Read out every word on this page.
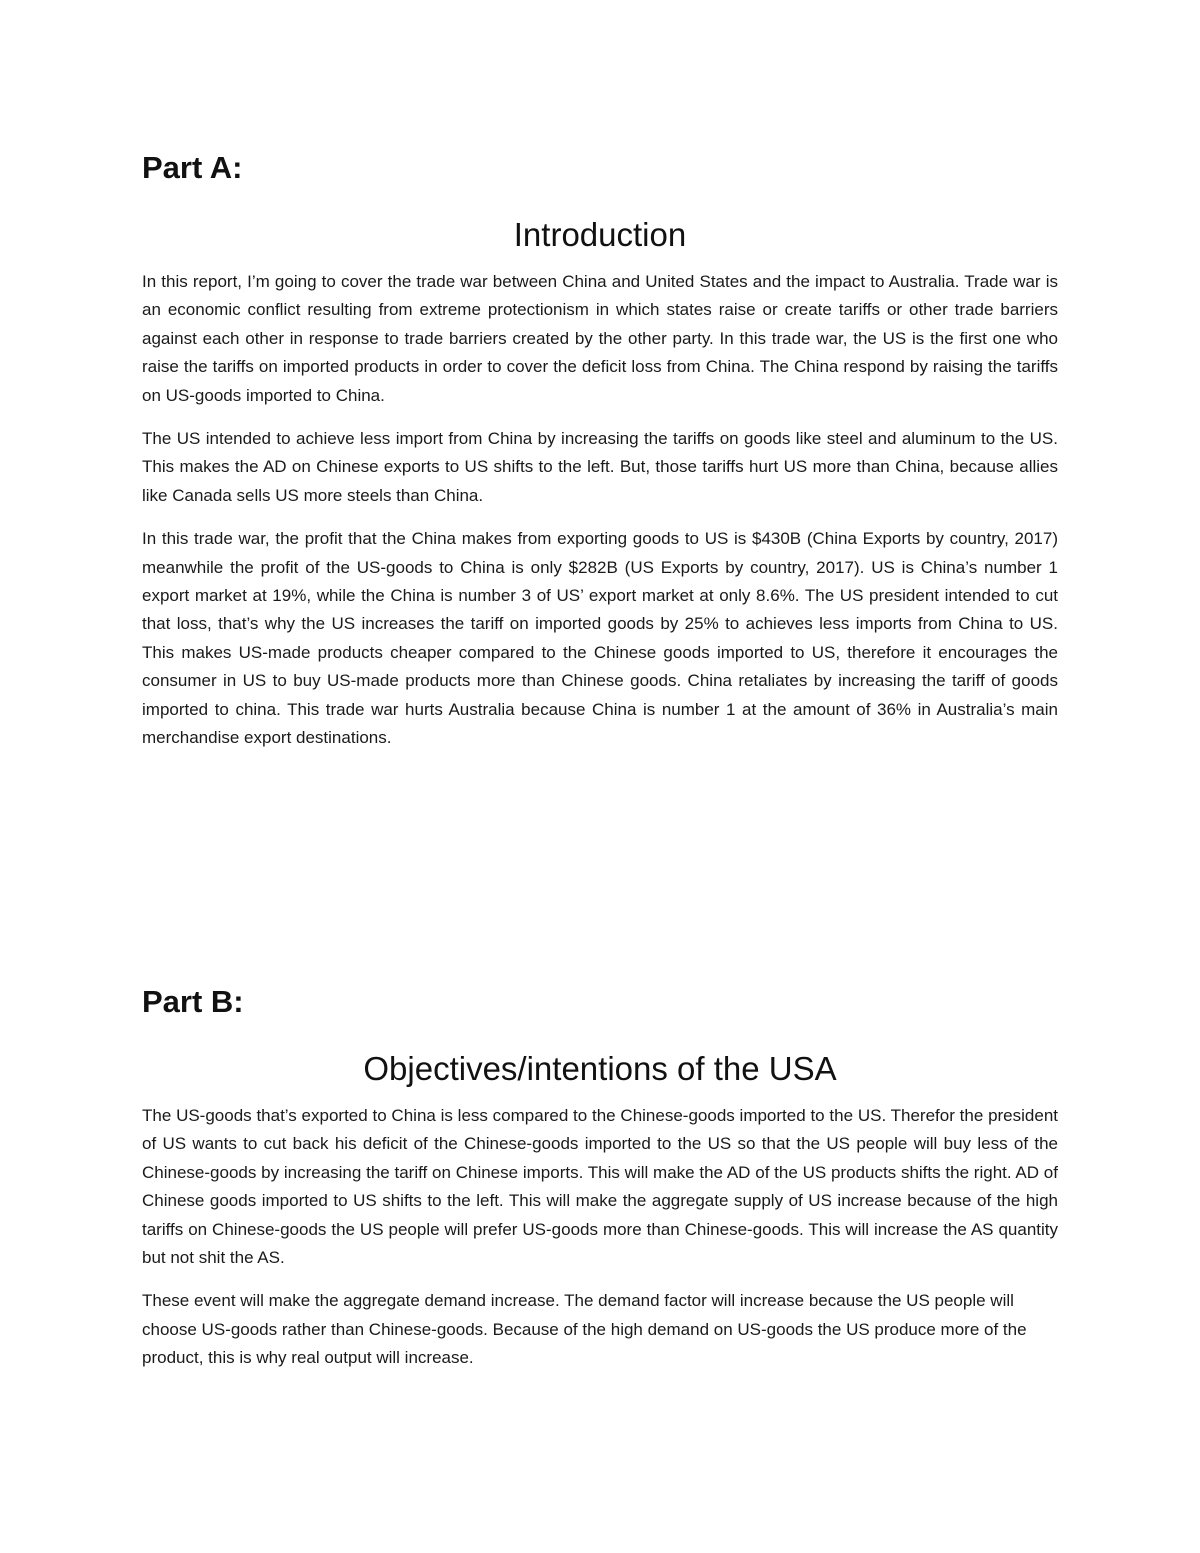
Part A:
Introduction

In this report, I’m going to cover the trade war between China and United States and the impact to Australia. Trade war is an economic conflict resulting from extreme protectionism in which states raise or create tariffs or other trade barriers against each other in response to trade barriers created by the other party. In this trade war, the US is the first one who raise the tariffs on imported products in order to cover the deficit loss from China. The China respond by raising the tariffs on US-goods imported to China.

The US intended to achieve less import from China by increasing the tariffs on goods like steel and aluminum to the US. This makes the AD on Chinese exports to US shifts to the left. But, those tariffs hurt US more than China, because allies like Canada sells US more steels than China.

In this trade war, the profit that the China makes from exporting goods to US is $430B (China Exports by country, 2017) meanwhile the profit of the US-goods to China is only $282B (US Exports by country, 2017). US is China’s number 1 export market at 19%, while the China is number 3 of US’ export market at only 8.6%. The US president intended to cut that loss, that’s why the US increases the tariff on imported goods by 25% to achieves less imports from China to US. This makes US-made products cheaper compared to the Chinese goods imported to US, therefore it encourages the consumer in US to buy US-made products more than Chinese goods. China retaliates by increasing the tariff of goods imported to china. This trade war hurts Australia because China is number 1 at the amount of 36% in Australia’s main merchandise export destinations.

Part B:
Objectives/intentions of the USA

The US-goods that’s exported to China is less compared to the Chinese-goods imported to the US. Therefor the president of US wants to cut back his deficit of the Chinese-goods imported to the US so that the US people will buy less of the Chinese-goods by increasing the tariff on Chinese imports. This will make the AD of the US products shifts the right. AD of Chinese goods imported to US shifts to the left. This will make the aggregate supply of US increase because of the high tariffs on Chinese-goods the US people will prefer US-goods more than Chinese-goods. This will increase the AS quantity but not shit the AS.

These event will make the aggregate demand increase. The demand factor will increase because the US people will choose US-goods rather than Chinese-goods. Because of the high demand on US-goods the US produce more of the product, this is why real output will increase.
